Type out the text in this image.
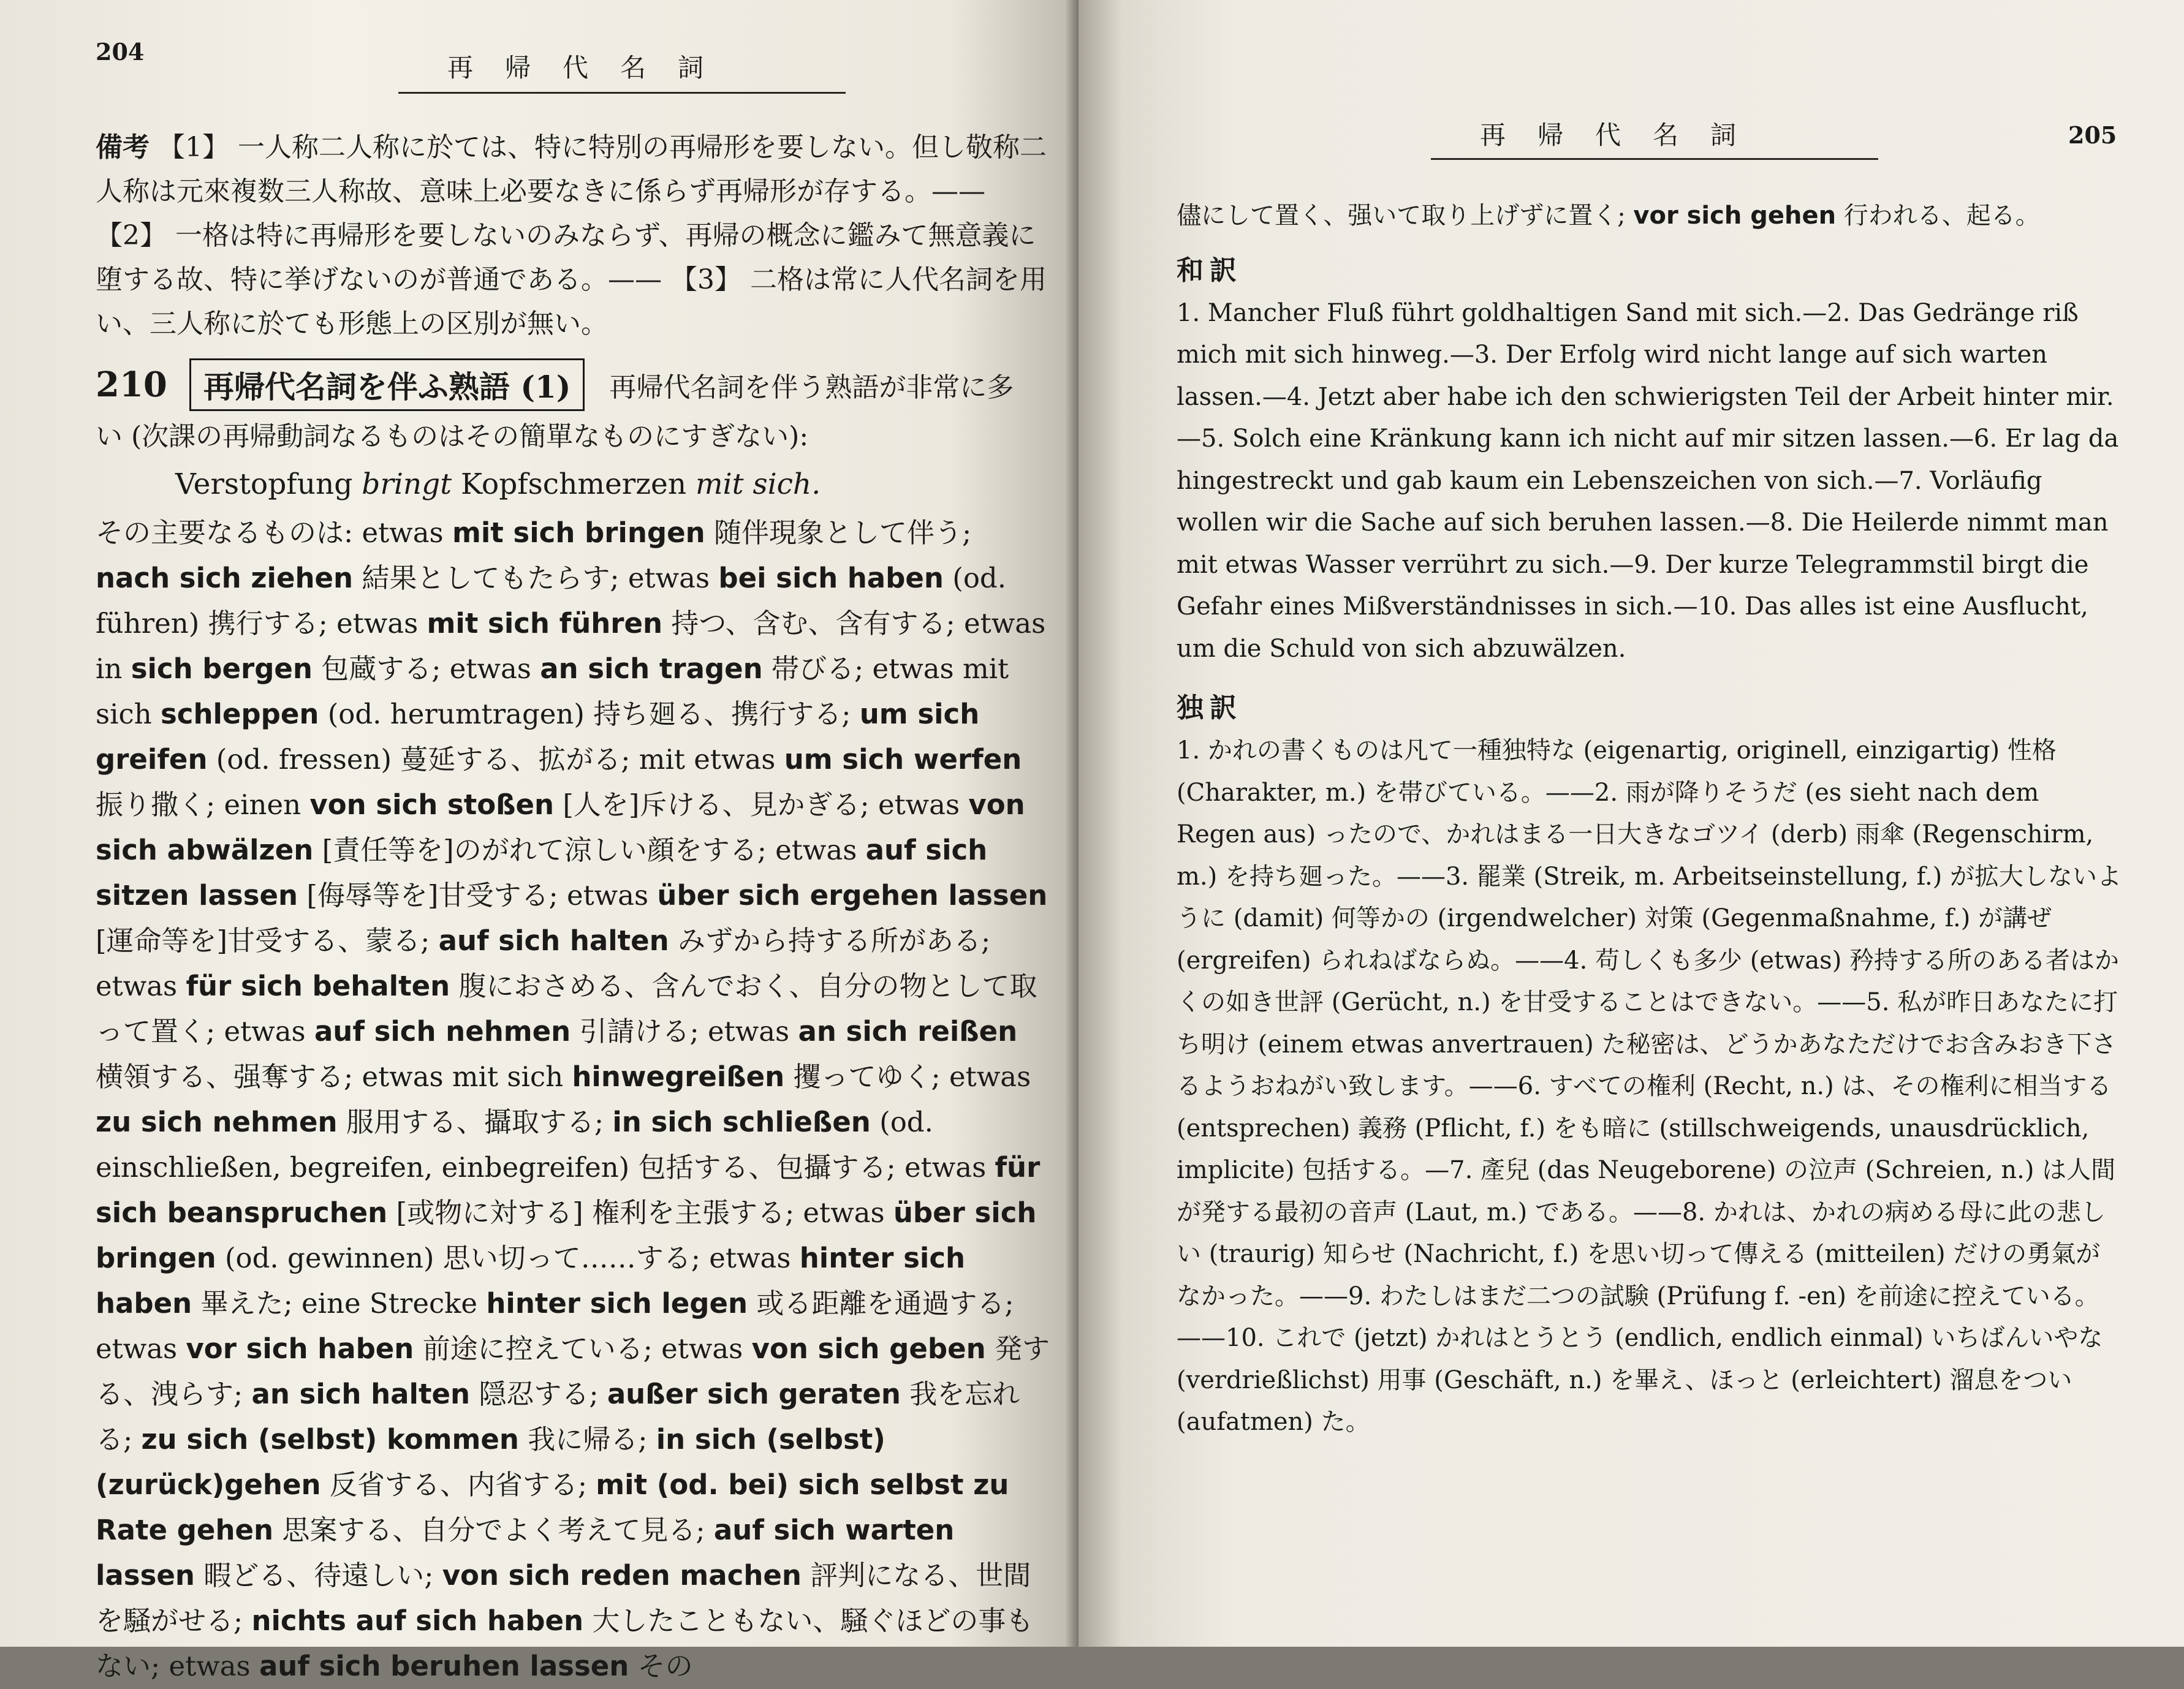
204
再帰代名詞

備考 【1】 一人称二人称に於ては、特に特別の再帰形を要しない。但し敬称二人称は元來複数三人称故、意味上必要なきに係らず再帰形が存する。—— 【2】 一格は特に再帰形を要しないのみならず、再帰の概念に鑑みて無意義に堕する故、特に挙げないのが普通である。—— 【3】 二格は常に人代名詞を用い、三人称に於ても形態上の区別が無い。

210	再帰代名詞を伴ふ熟語 (1)	再帰代名詞を伴う熟語が非常に多

い (次課の再帰動詞なるものはその簡單なものにすぎない):

Verstopfung bringt Kopfschmerzen mit sich.

その主要なるものは: etwas mit sich bringen 随伴現象として伴う; nach sich ziehen 結果としてもたらす; etwas bei sich haben (od. führen) 携行する; etwas mit sich führen 持つ、含む、含有する; etwas in sich bergen 包蔵する; etwas an sich tragen 帯びる; etwas mit sich schleppen (od. herumtragen) 持ち廻る、携行する; um sich greifen (od. fressen) 蔓延する、拡がる; mit etwas um sich werfen 振り撒く; einen von sich stoßen [人を]斥ける、見かぎる; etwas von sich abwälzen [責任等を]のがれて涼しい顔をする; etwas auf sich sitzen lassen [侮辱等を]甘受する; etwas über sich ergehen lassen [運命等を]甘受する、蒙る; auf sich halten みずから持する所がある; etwas für sich behalten 腹におさめる、含んでおく、自分の物として取って置く; etwas auf sich nehmen 引請ける; etwas an sich reißen 横領する、强奪する; etwas mit sich hinwegreißen 攫ってゆく; etwas zu sich nehmen 服用する、攝取する; in sich schließen (od. einschließen, begreifen, einbegreifen) 包括する、包攝する; etwas für sich beanspruchen [或物に対する] 権利を主張する; etwas über sich bringen (od. gewinnen) 思い切って……する; etwas hinter sich haben 畢えた; eine Strecke hinter sich legen 或る距離を通過する; etwas vor sich haben 前途に控えている; etwas von sich geben 発する、洩らす; an sich halten 隠忍する; außer sich geraten 我を忘れる; zu sich (selbst) kommen 我に帰る; in sich (selbst) (zurück)gehen 反省する、内省する; mit (od. bei) sich selbst zu Rate gehen 思案する、自分でよく考えて見る; auf sich warten lassen 暇どる、待遠しい; von sich reden machen 評判になる、世間を騒がせる; nichts auf sich haben 大したこともない、騒ぐほどの事もない; etwas auf sich beruhen lassen その

再帰代名詞	205

儘にして置く、强いて取り上げずに置く; vor sich gehen 行われる、起る。

和訳

1. Mancher Fluß führt goldhaltigen Sand mit sich.—2. Das Gedränge riß mich mit sich hinweg.—3. Der Erfolg wird nicht lange auf sich warten lassen.—4. Jetzt aber habe ich den schwierigsten Teil der Arbeit hinter mir.—5. Solch eine Kränkung kann ich nicht auf mir sitzen lassen.—6. Er lag da hingestreckt und gab kaum ein Lebenszeichen von sich.—7. Vorläufig wollen wir die Sache auf sich beruhen lassen.—8. Die Heilerde nimmt man mit etwas Wasser verrührt zu sich.—9. Der kurze Telegrammstil birgt die Gefahr eines Mißverständnisses in sich.—10. Das alles ist eine Ausflucht, um die Schuld von sich abzuwälzen.

独訳

1. かれの書くものは凡て一種独特な (eigenartig, originell, einzigartig) 性格 (Charakter, m.) を帯びている。——2. 雨が降りそうだ (es sieht nach dem Regen aus) ったので、かれはまる一日大きなゴツイ (derb) 雨傘 (Regenschirm, m.) を持ち廻った。——3. 罷業 (Streik, m. Arbeitseinstellung, f.) が拡大しないように (damit) 何等かの (irgendwelcher) 対策 (Gegenmaßnahme, f.) が講ぜ (ergreifen) られねばならぬ。——4. 苟しくも多少 (etwas) 矜持する所のある者はかくの如き世評 (Gerücht, n.) を甘受することはできない。——5. 私が昨日あなたに打ち明け (einem etwas anvertrauen) た秘密は、どうかあなただけでお含みおき下さるようおねがい致します。——6. すべての権利 (Recht, n.) は、その権利に相当する (entsprechen) 義務 (Pflicht, f.) をも暗に (stillschweigends, unausdrücklich, implicite) 包括する。—7. 產兒 (das Neugeborene) の泣声 (Schreien, n.) は人間が発する最初の音声 (Laut, m.) である。——8. かれは、かれの病める母に此の悲しい (traurig) 知らせ (Nachricht, f.) を思い切って傳える (mitteilen) だけの勇氣がなかった。——9. わたしはまだ二つの試験 (Prüfung f. -en) を前途に控えている。——10. これで (jetzt) かれはとうとう (endlich, endlich einmal) いちばんいやな (verdrießlichst) 用事 (Geschäft, n.) を畢え、ほっと (erleichtert) 溜息をつい (aufatmen) た。
